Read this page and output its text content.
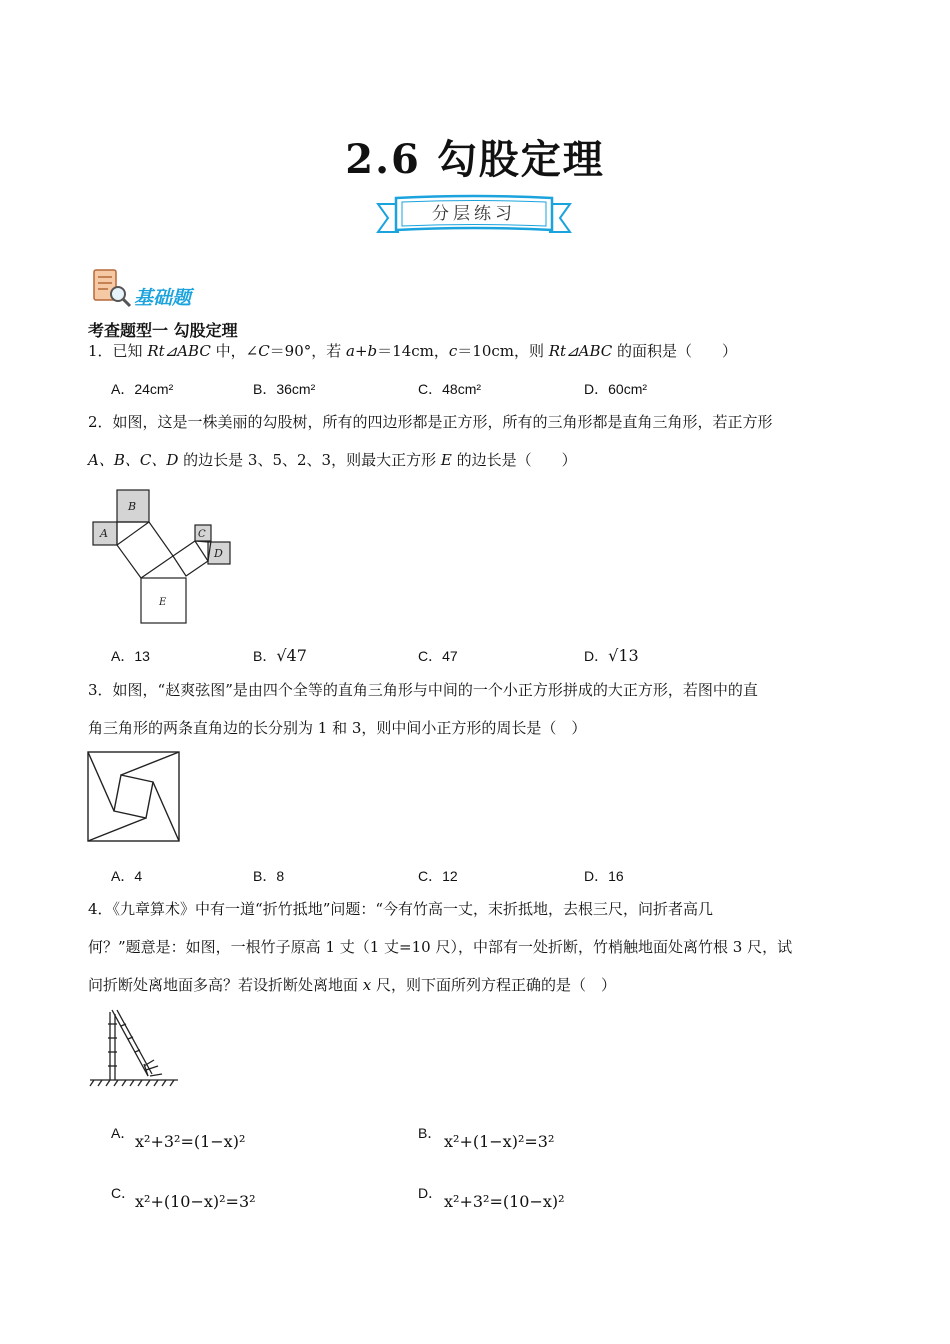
2.6 勾股定理
分层练习
基础题
考查题型一 勾股定理
1．已知 Rt⊿ABC 中，∠C＝90°，若 a+b＝14cm，c＝10cm，则 Rt⊿ABC 的面积是（　　）
A．24cm²	B．36cm²	C．48cm²	D．60cm²
2．如图，这是一株美丽的勾股树，所有的四边形都是正方形，所有的三角形都是直角三角形，若正方形
A、B、C、D 的边长是 3、5、2、3，则最大正方形 E 的边长是（　　）
B
A	C
D
E
A．13	B．√47	C．47	D．√13
3．如图，“赵爽弦图”是由四个全等的直角三角形与中间的一个小正方形拼成的大正方形，若图中的直
角三角形的两条直角边的长分别为 1 和 3，则中间小正方形的周长是（　）
A．4	B．8	C．12	D．16
4．《九章算术》中有一道“折竹抵地”问题：“今有竹高一丈，末折抵地，去根三尺，问折者高几
何？”题意是：如图，一根竹子原高 1 丈（1 丈=10 尺），中部有一处折断，竹梢触地面处离竹根 3 尺，试
问折断处离地面多高？若设折断处离地面 x 尺，则下面所列方程正确的是（　）
A． x²+3²=(1−x)²	B． x²+(1−x)²=3²
C． x²+(10−x)²=3²	D． x²+3²=(10−x)²
